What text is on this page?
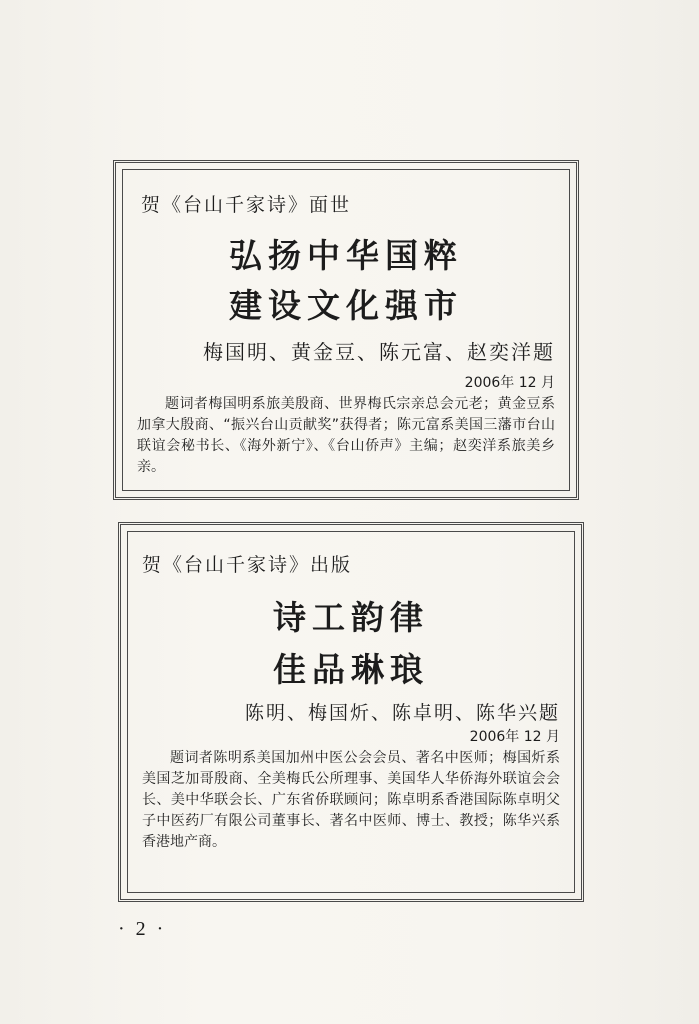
贺《台山千家诗》面世
弘扬中华国粹
建设文化强市
梅国明、黄金豆、陈元富、赵奕洋题
2006年 12 月
题词者梅国明系旅美殷商、世界梅氏宗亲总会元老；黄金豆系加拿大殷商、“振兴台山贡献奖”获得者；陈元富系美国三藩市台山联谊会秘书长、《海外新宁》、《台山侨声》主编；赵奕洋系旅美乡亲。
贺《台山千家诗》出版
诗工韵律
佳品琳琅
陈明、梅国炘、陈卓明、陈华兴题
2006年 12 月
题词者陈明系美国加州中医公会会员、著名中医师；梅国炘系美国芝加哥殷商、全美梅氏公所理事、美国华人华侨海外联谊会会长、美中华联会长、广东省侨联顾问；陈卓明系香港国际陈卓明父子中医药厂有限公司董事长、著名中医师、博士、教授；陈华兴系香港地产商。
· 2 ·
